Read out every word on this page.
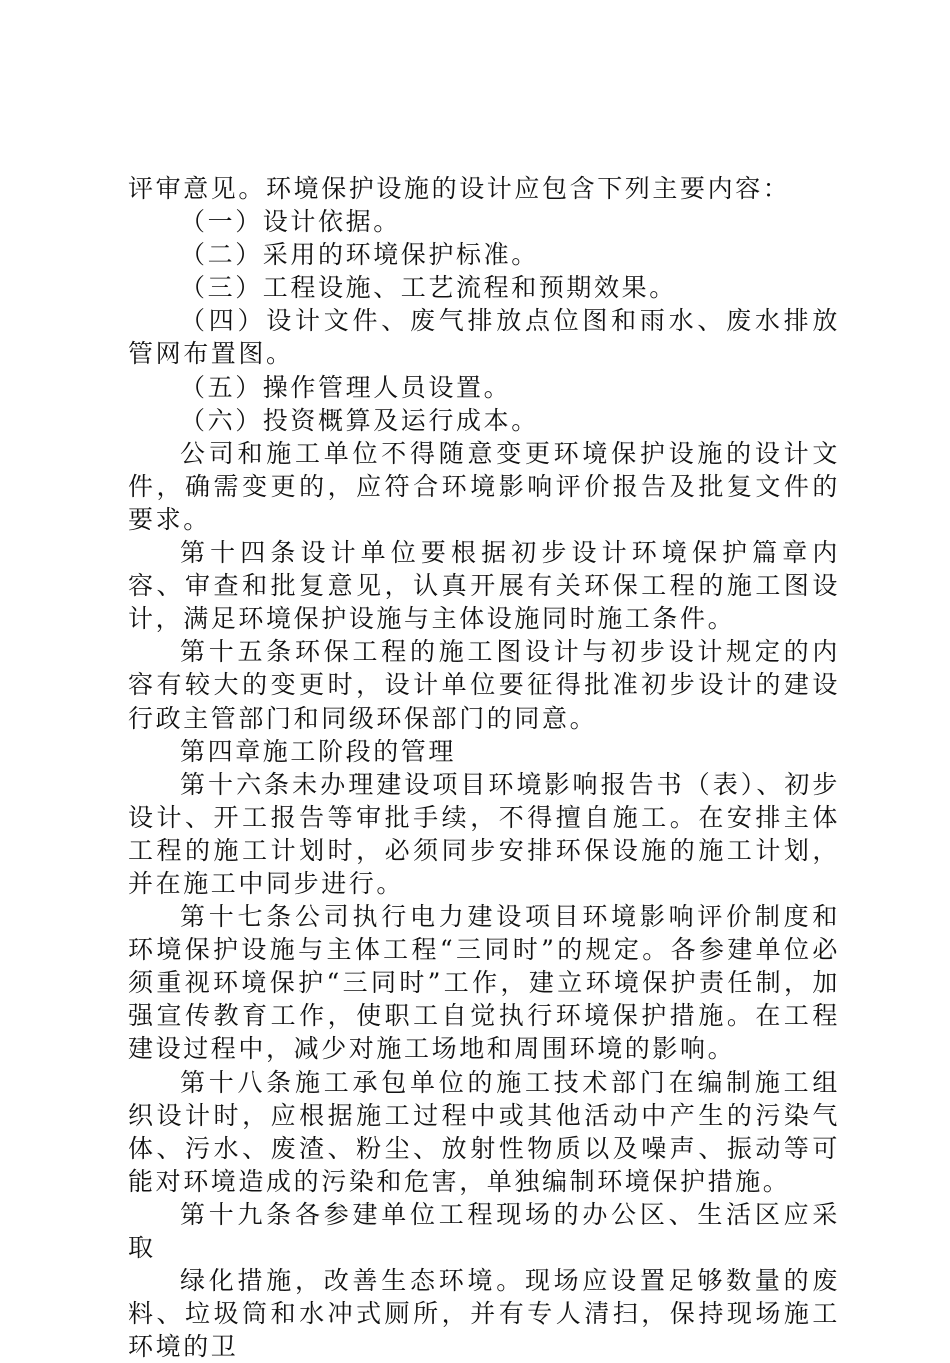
评审意见。环境保护设施的设计应包含下列主要内容：

（一）设计依据。

（二）采用的环境保护标准。

（三）工程设施、工艺流程和预期效果。

（四）设计文件、废气排放点位图和雨水、废水排放管网布置图。

（五）操作管理人员设置。

（六）投资概算及运行成本。

公司和施工单位不得随意变更环境保护设施的设计文件，确需变更的，应符合环境影响评价报告及批复文件的要求。

第十四条设计单位要根据初步设计环境保护篇章内容、审查和批复意见，认真开展有关环保工程的施工图设计，满足环境保护设施与主体设施同时施工条件。

第十五条环保工程的施工图设计与初步设计规定的内容有较大的变更时，设计单位要征得批准初步设计的建设行政主管部门和同级环保部门的同意。

第四章施工阶段的管理

第十六条未办理建设项目环境影响报告书（表）、初步设计、开工报告等审批手续，不得擅自施工。在安排主体工程的施工计划时，必须同步安排环保设施的施工计划，并在施工中同步进行。

第十七条公司执行电力建设项目环境影响评价制度和环境保护设施与主体工程“三同时”的规定。各参建单位必须重视环境保护“三同时”工作，建立环境保护责任制，加强宣传教育工作，使职工自觉执行环境保护措施。在工程建设过程中，减少对施工场地和周围环境的影响。

第十八条施工承包单位的施工技术部门在编制施工组织设计时，应根据施工过程中或其他活动中产生的污染气体、污水、废渣、粉尘、放射性物质以及噪声、振动等可能对环境造成的污染和危害，单独编制环境保护措施。

第十九条各参建单位工程现场的办公区、生活区应采取

绿化措施，改善生态环境。现场应设置足够数量的废料、垃圾筒和水冲式厕所，并有专人清扫，保持现场施工环境的卫
